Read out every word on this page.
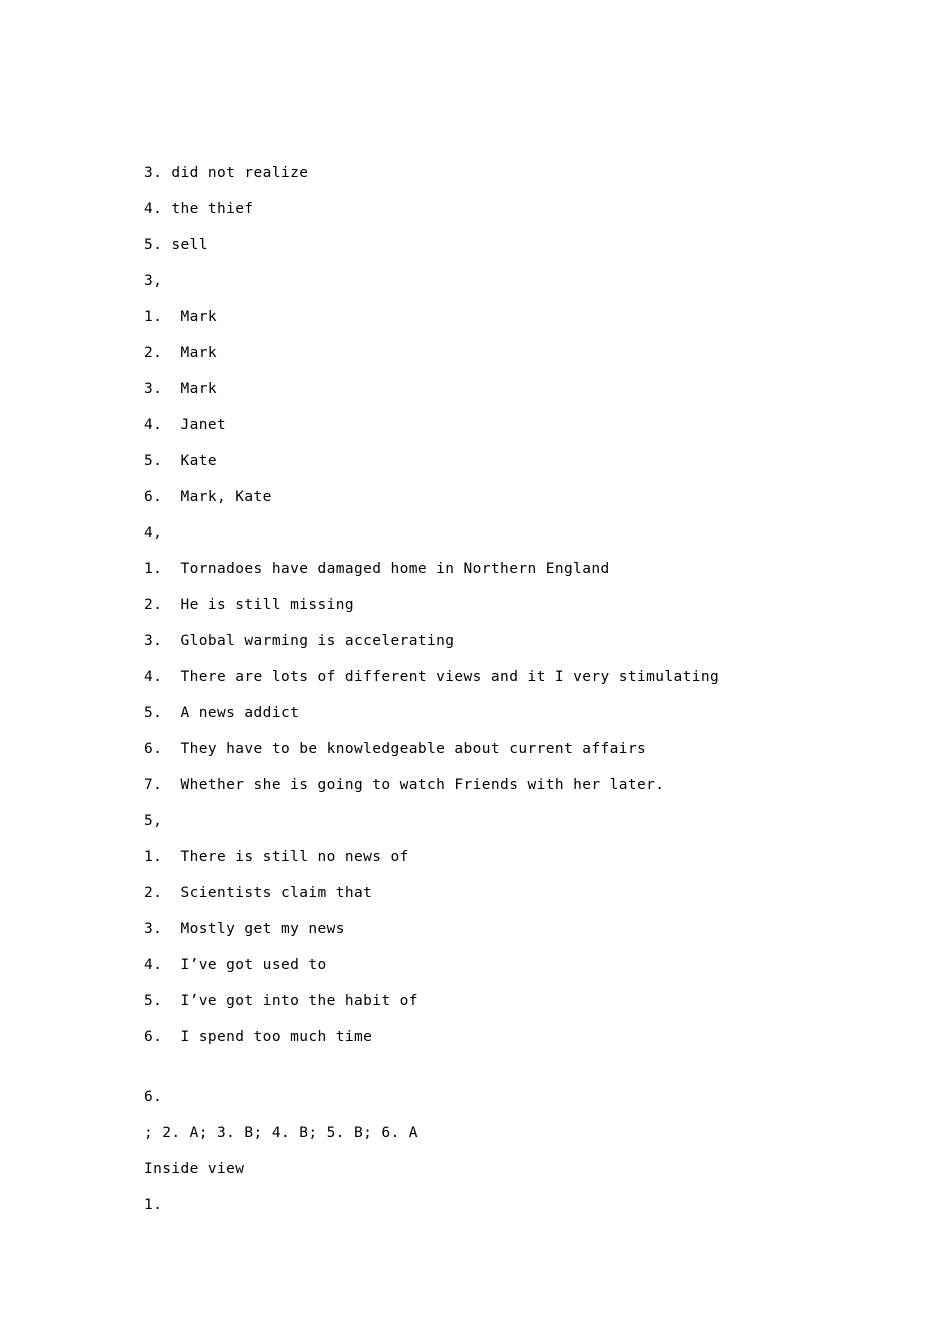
3. did not realize
4. the thief
5. sell
3,
1.  Mark
2.  Mark
3.  Mark
4.  Janet
5.  Kate
6.  Mark, Kate
4,
1.  Tornadoes have damaged home in Northern England
2.  He is still missing
3.  Global warming is accelerating
4.  There are lots of different views and it I very stimulating
5.  A news addict
6.  They have to be knowledgeable about current affairs
7.  Whether she is going to watch Friends with her later.
5,
1.  There is still no news of
2.  Scientists claim that
3.  Mostly get my news
4.  I’ve got used to
5.  I’ve got into the habit of
6.  I spend too much time
6.
; 2. A; 3. B; 4. B; 5. B; 6. A
Inside view
1.
